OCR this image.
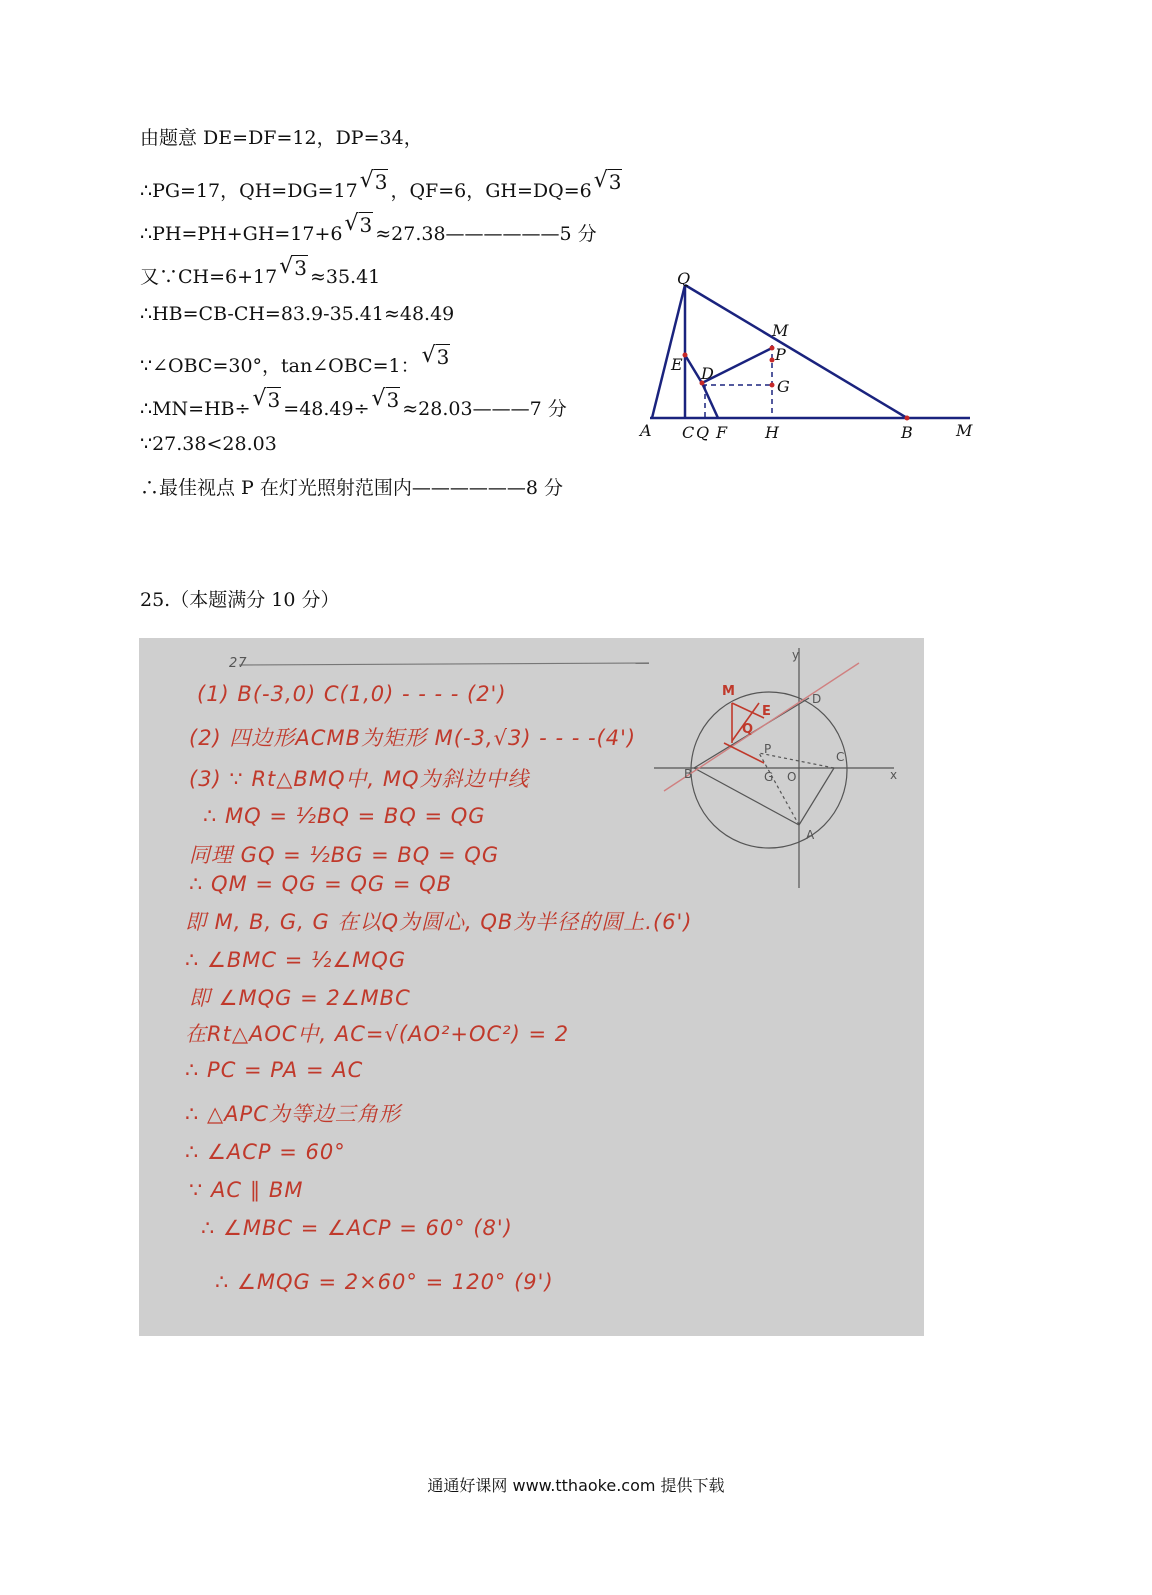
由题意 DE=DF=12，DP=34，
∴PG=17，QH=DG=17 √ 3 ，QF=6，GH=DQ=6 √ 3
∴PH=PH+GH=17+6 √ 3 ≈27.38——————5 分
又∵CH=6+17 √ 3 ≈35.41
∴HB=CB-CH=83.9-35.41≈48.49
∵∠OBC=30°，tan∠OBC=1： √ 3
∴MN=HB÷ √ 3 =48.49÷ √ 3 ≈28.03———7 分
∵27.38<28.03
∴最佳视点 P 在灯光照射范围内——————8 分
Q
M
E
P
D
G
A C Q F H	B	M
25.（本题满分 10 分）
27
(1) B(-3,0) C(1,0) - - - - (2')
(2) 四边形ACMB为矩形 M(-3,√3) - - - -(4')
(3) ∵ Rt△BMQ中, MQ为斜边中线
∴ MQ = ½BQ = BQ = QG
同理 GQ = ½BG = BQ = QG
∴ QM = QG = QG = QB
即 M, B, G, G 在以Q为圆心, QB为半径的圆上.(6')
∴ ∠BMC = ½∠MQG
即 ∠MQG = 2∠MBC
在Rt△AOC中, AC=√(AO²+OC²) = 2
∴ PC = PA = AC
∴ △APC为等边三角形
∴ ∠ACP = 60°
∵ AC ∥ BM
∴ ∠MBC = ∠ACP = 60° (8')
∴ ∠MQG = 2×60° = 120° (9')
y
x
D
B	O
C
A
G
P
M
E
Q
通通好课网 www.tthaoke.com 提供下载
